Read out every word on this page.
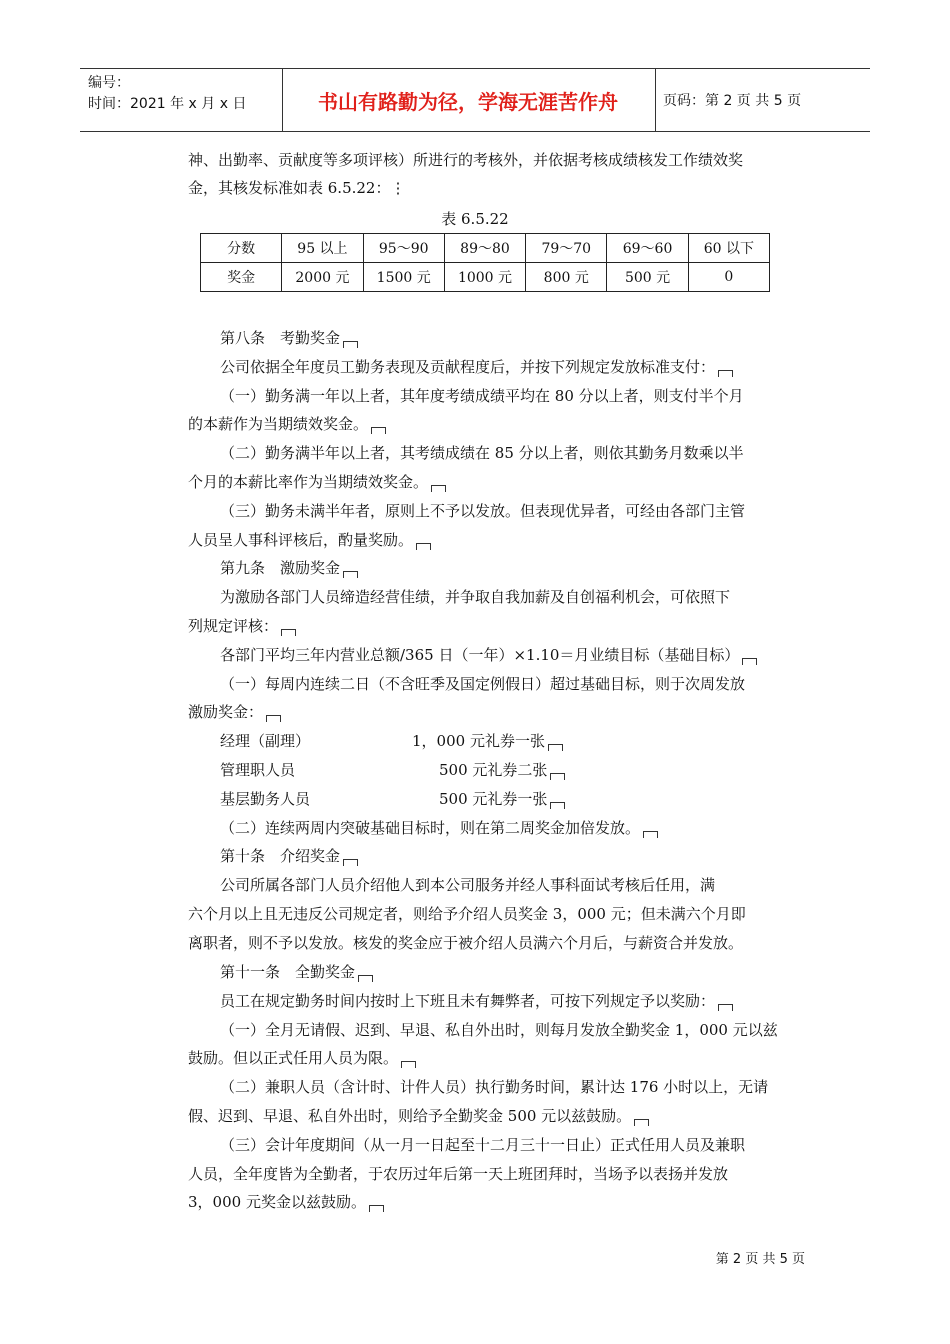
编号：
时间：2021 年 x 月 x 日	书山有路勤为径，学海无涯苦作舟	页码：第 2 页 共 5 页
神、出勤率、贡献度等多项评核）所进行的考核外，并依据考核成绩核发工作绩效奖
金，其核发标准如表 6.5.22：⋮
表 6.5.22
分数	95 以上	95～90	89～80	79～70	69～60	60 以下
奖金	2000 元	1500 元	1000 元	800 元	500 元	0
第八条　考勤奖金
公司依据全年度员工勤务表现及贡献程度后，并按下列规定发放标准支付：
（一）勤务满一年以上者，其年度考绩成绩平均在 80 分以上者，则支付半个月
的本薪作为当期绩效奖金。
（二）勤务满半年以上者，其考绩成绩在 85 分以上者，则依其勤务月数乘以半
个月的本薪比率作为当期绩效奖金。
（三）勤务未满半年者，原则上不予以发放。但表现优异者，可经由各部门主管
人员呈人事科评核后，酌量奖励。
第九条　激励奖金
为激励各部门人员缔造经营佳绩，并争取自我加薪及自创福利机会，可依照下
列规定评核：
各部门平均三年内营业总额/365 日（一年）×1.10＝月业绩目标（基础目标）
（一）每周内连续二日（不含旺季及国定例假日）超过基础目标，则于次周发放
激励奖金：
经理（副理）	1，000 元礼券一张
管理职人员	500 元礼券二张
基层勤务人员	500 元礼券一张
（二）连续两周内突破基础目标时，则在第二周奖金加倍发放。
第十条　介绍奖金
公司所属各部门人员介绍他人到本公司服务并经人事科面试考核后任用，满
六个月以上且无违反公司规定者，则给予介绍人员奖金 3，000 元；但未满六个月即
离职者，则不予以发放。核发的奖金应于被介绍人员满六个月后，与薪资合并发放。
第十一条　全勤奖金
员工在规定勤务时间内按时上下班且未有舞弊者，可按下列规定予以奖励：
（一）全月无请假、迟到、早退、私自外出时，则每月发放全勤奖金 1，000 元以兹
鼓励。但以正式任用人员为限。
（二）兼职人员（含计时、计件人员）执行勤务时间，累计达 176 小时以上，无请
假、迟到、早退、私自外出时，则给予全勤奖金 500 元以兹鼓励。
（三）会计年度期间（从一月一日起至十二月三十一日止）正式任用人员及兼职
人员，全年度皆为全勤者，于农历过年后第一天上班团拜时，当场予以表扬并发放
3，000 元奖金以兹鼓励。
第 2 页 共 5 页
